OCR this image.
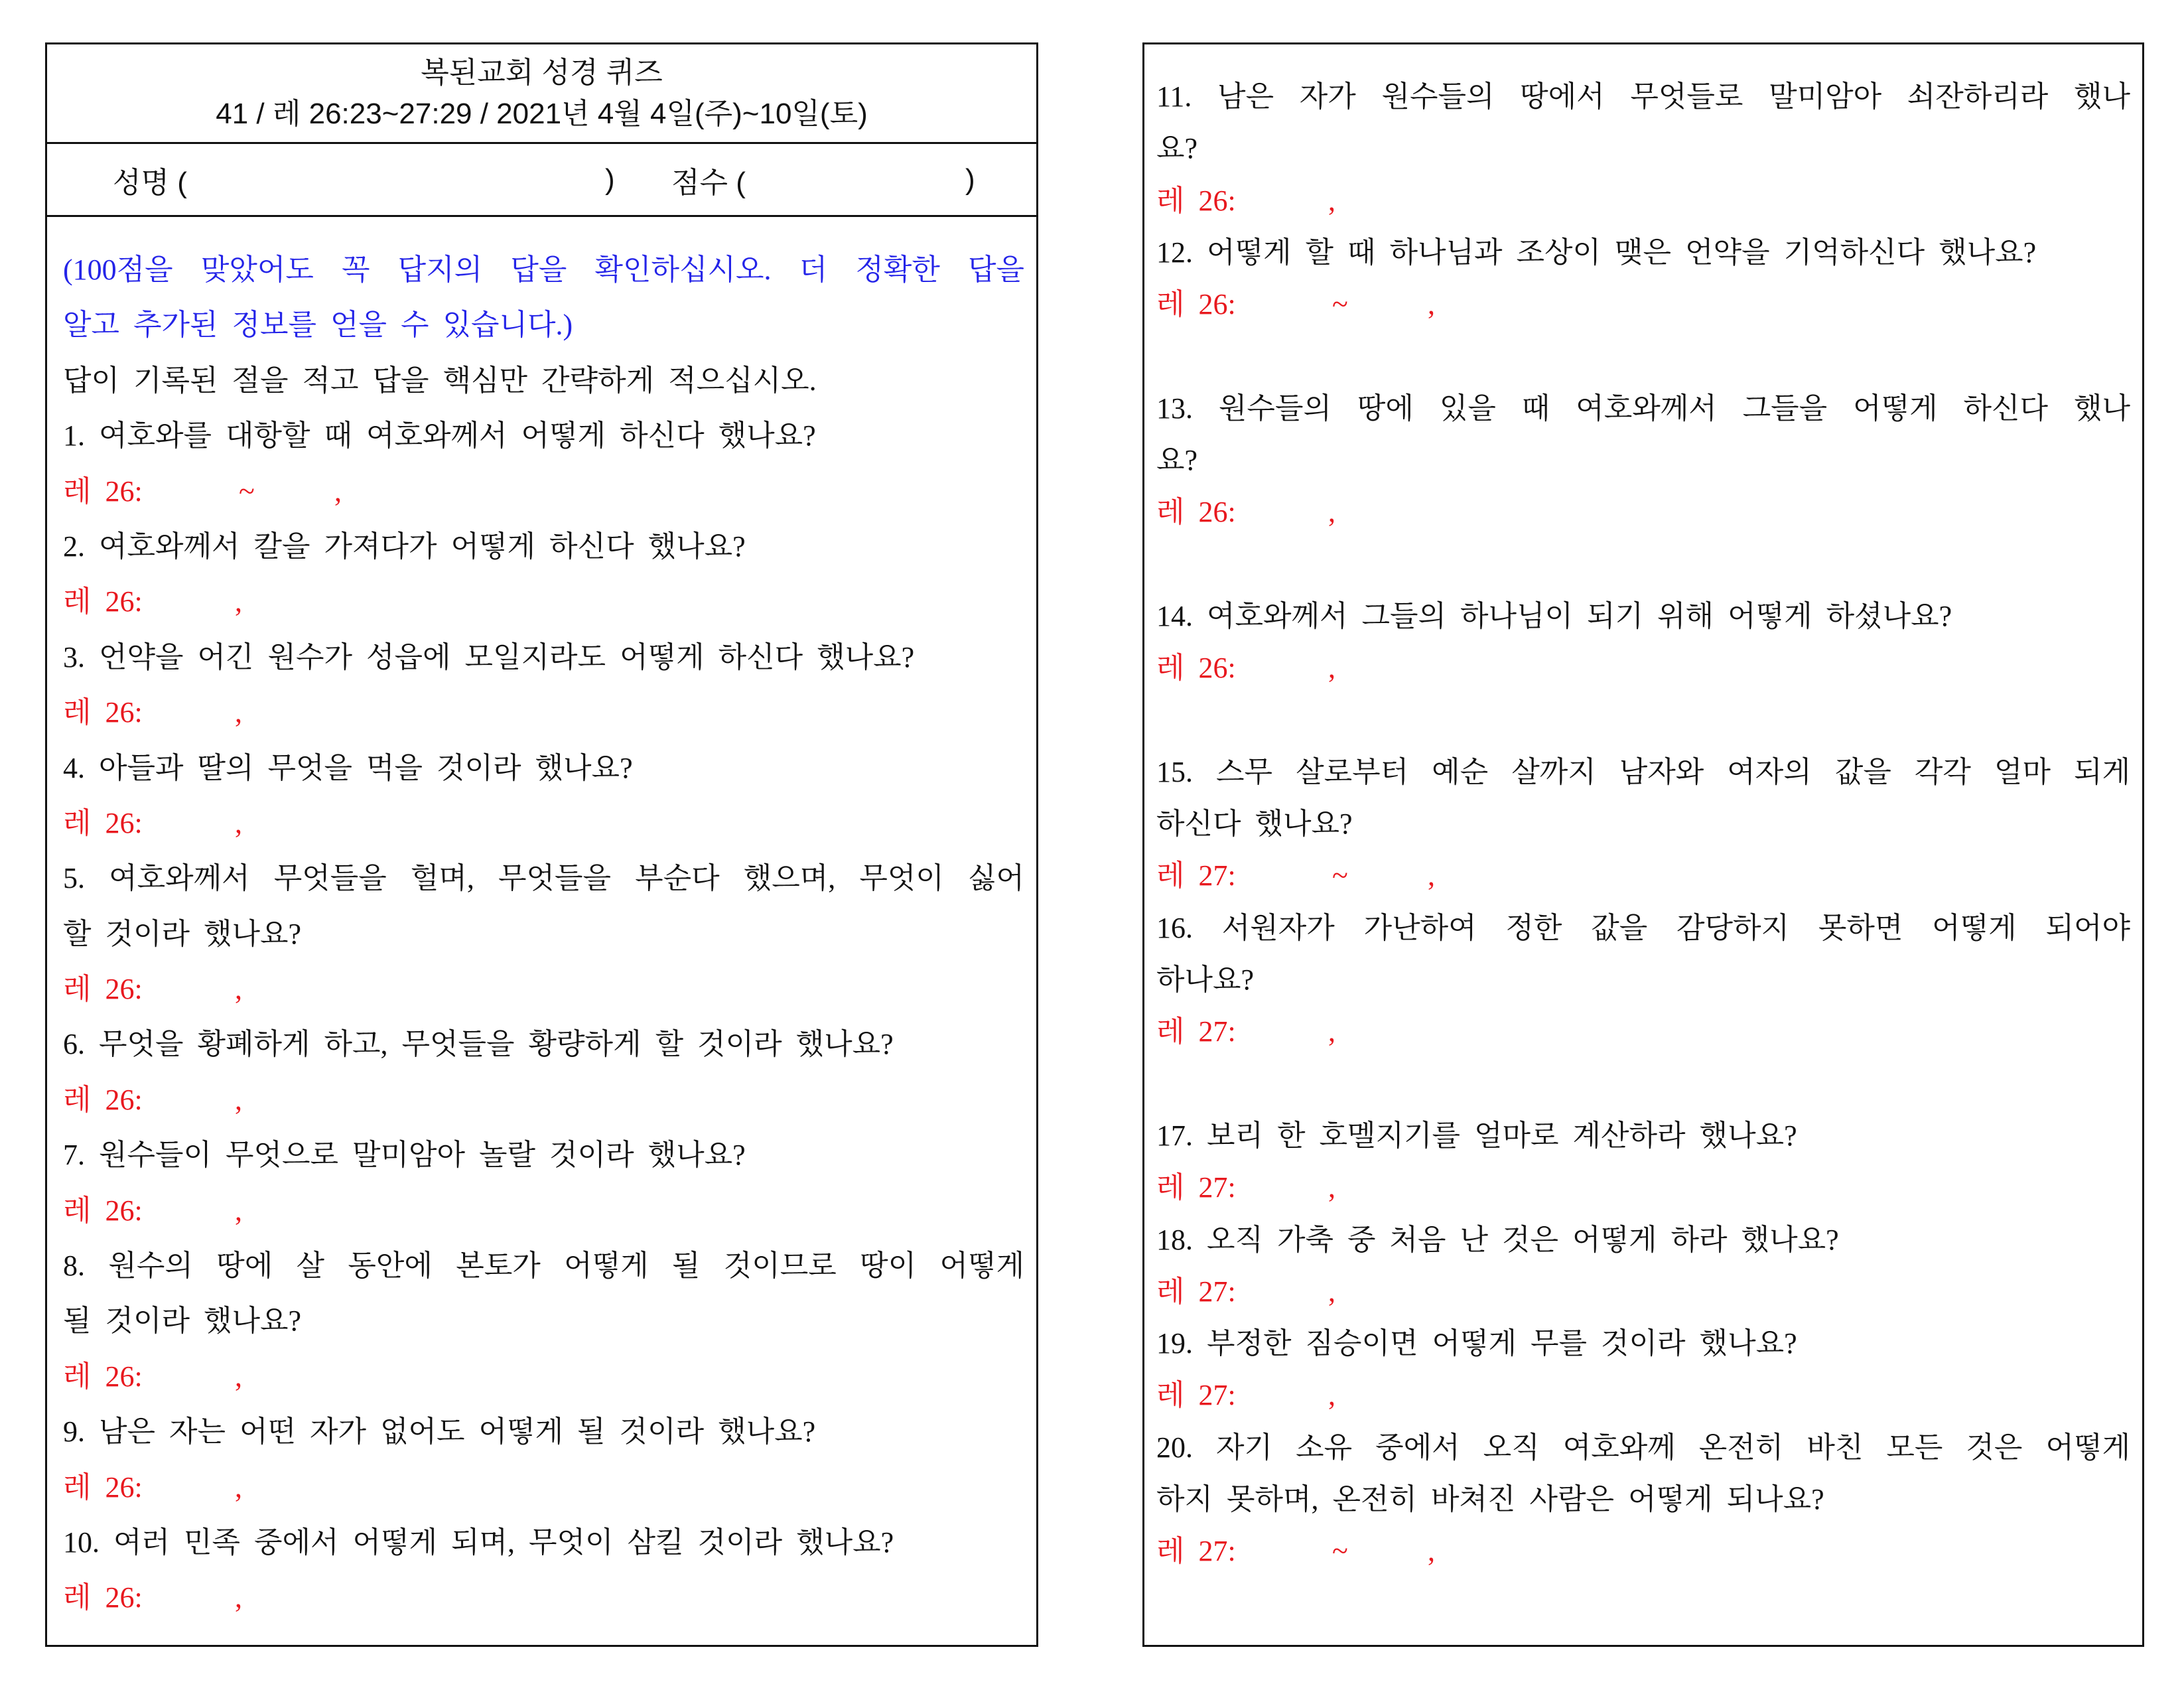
복된교회 성경 퀴즈
41 / 레 26:23~27:29 / 2021년 4월 4일(주)~10일(토)
성명 (	) 점수 (	)
(100점을 맞았어도 꼭 답지의 답을 확인하십시오. 더 정확한 답을
알고 추가된 정보를 얻을 수 있습니다.)
답이 기록된 절을 적고 답을 핵심만 간략하게 적으십시오.
1. 여호와를 대항할 때 여호와께서 어떻게 하신다 했나요?
레 26:	~	,
2. 여호와께서 칼을 가져다가 어떻게 하신다 했나요?
레 26:	,
3. 언약을 어긴 원수가 성읍에 모일지라도 어떻게 하신다 했나요?
레 26:	,
4. 아들과 딸의 무엇을 먹을 것이라 했나요?
레 26:	,
5. 여호와께서 무엇들을 헐며, 무엇들을 부순다 했으며, 무엇이 싫어
할 것이라 했나요?
레 26:	,
6. 무엇을 황폐하게 하고, 무엇들을 황량하게 할 것이라 했나요?
레 26:	,
7. 원수들이 무엇으로 말미암아 놀랄 것이라 했나요?
레 26:	,
8. 원수의 땅에 살 동안에 본토가 어떻게 될 것이므로 땅이 어떻게
될 것이라 했나요?
레 26:	,
9. 남은 자는 어떤 자가 없어도 어떻게 될 것이라 했나요?
레 26:	,
10. 여러 민족 중에서 어떻게 되며, 무엇이 삼킬 것이라 했나요?
레 26:	,
11. 남은 자가 원수들의 땅에서 무엇들로 말미암아 쇠잔하리라 했나
요?
레 26:	,
12. 어떻게 할 때 하나님과 조상이 맺은 언약을 기억하신다 했나요?
레 26:	~	,
13. 원수들의 땅에 있을 때 여호와께서 그들을 어떻게 하신다 했나
요?
레 26:	,
14. 여호와께서 그들의 하나님이 되기 위해 어떻게 하셨나요?
레 26:	,
15. 스무 살로부터 예순 살까지 남자와 여자의 값을 각각 얼마 되게
하신다 했나요?
레 27:	~	,
16. 서원자가 가난하여 정한 값을 감당하지 못하면 어떻게 되어야
하나요?
레 27:	,
17. 보리 한 호멜지기를 얼마로 계산하라 했나요?
레 27:	,
18. 오직 가축 중 처음 난 것은 어떻게 하라 했나요?
레 27:	,
19. 부정한 짐승이면 어떻게 무를 것이라 했나요?
레 27:	,
20. 자기 소유 중에서 오직 여호와께 온전히 바친 모든 것은 어떻게
하지 못하며, 온전히 바쳐진 사람은 어떻게 되나요?
레 27:	~	,
